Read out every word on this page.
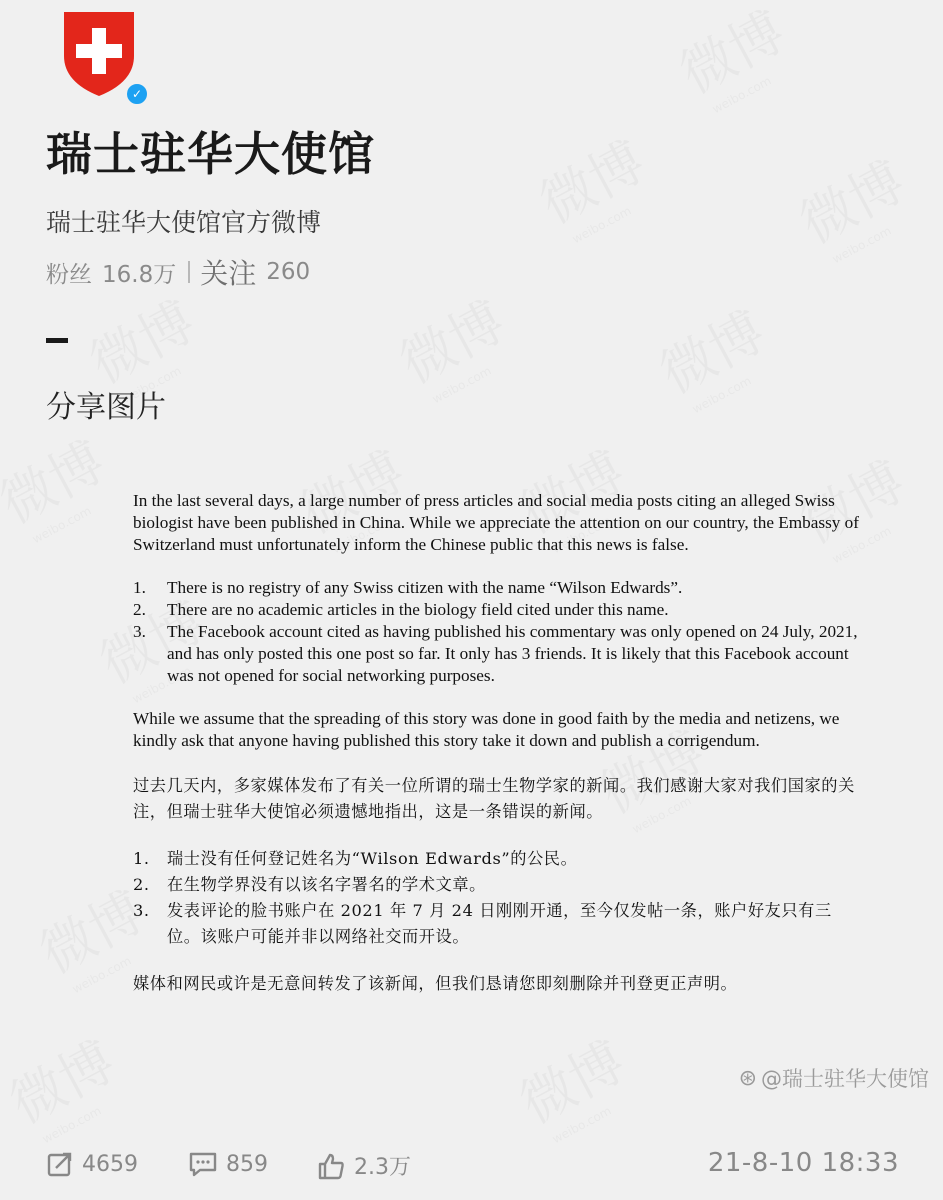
✓
瑞士驻华大使馆
瑞士驻华大使馆官方微博
粉丝 16.8万 关注 260
分享图片

In the last several days, a large number of press articles and social media posts citing an alleged Swiss biologist have been published in China. While we appreciate the attention on our country, the Embassy of Switzerland must unfortunately inform the Chinese public that this news is false.

1. There is no registry of any Swiss citizen with the name “Wilson Edwards”.
2. There are no academic articles in the biology field cited under this name.
3. The Facebook account cited as having published his commentary was only opened on 24 July, 2021, and has only posted this one post so far. It only has 3 friends. It is likely that this Facebook account was not opened for social networking purposes.

While we assume that the spreading of this story was done in good faith by the media and netizens, we kindly ask that anyone having published this story take it down and publish a corrigendum.

过去几天内，多家媒体发布了有关一位所谓的瑞士生物学家的新闻。我们感谢大家对我们国家的关注，但瑞士驻华大使馆必须遗憾地指出，这是一条错误的新闻。

1. 瑞士没有任何登记姓名为“Wilson Edwards”的公民。
2. 在生物学界没有以该名字署名的学术文章。
3. 发表评论的脸书账户在 2021 年 7 月 24 日刚刚开通，至今仅发帖一条，账户好友只有三位。该账户可能并非以网络社交而开设。

媒体和网民或许是无意间转发了该新闻，但我们恳请您即刻删除并刊登更正声明。

⊛ @瑞士驻华大使馆
4659	859	2.3万	21-8-10 18:33
